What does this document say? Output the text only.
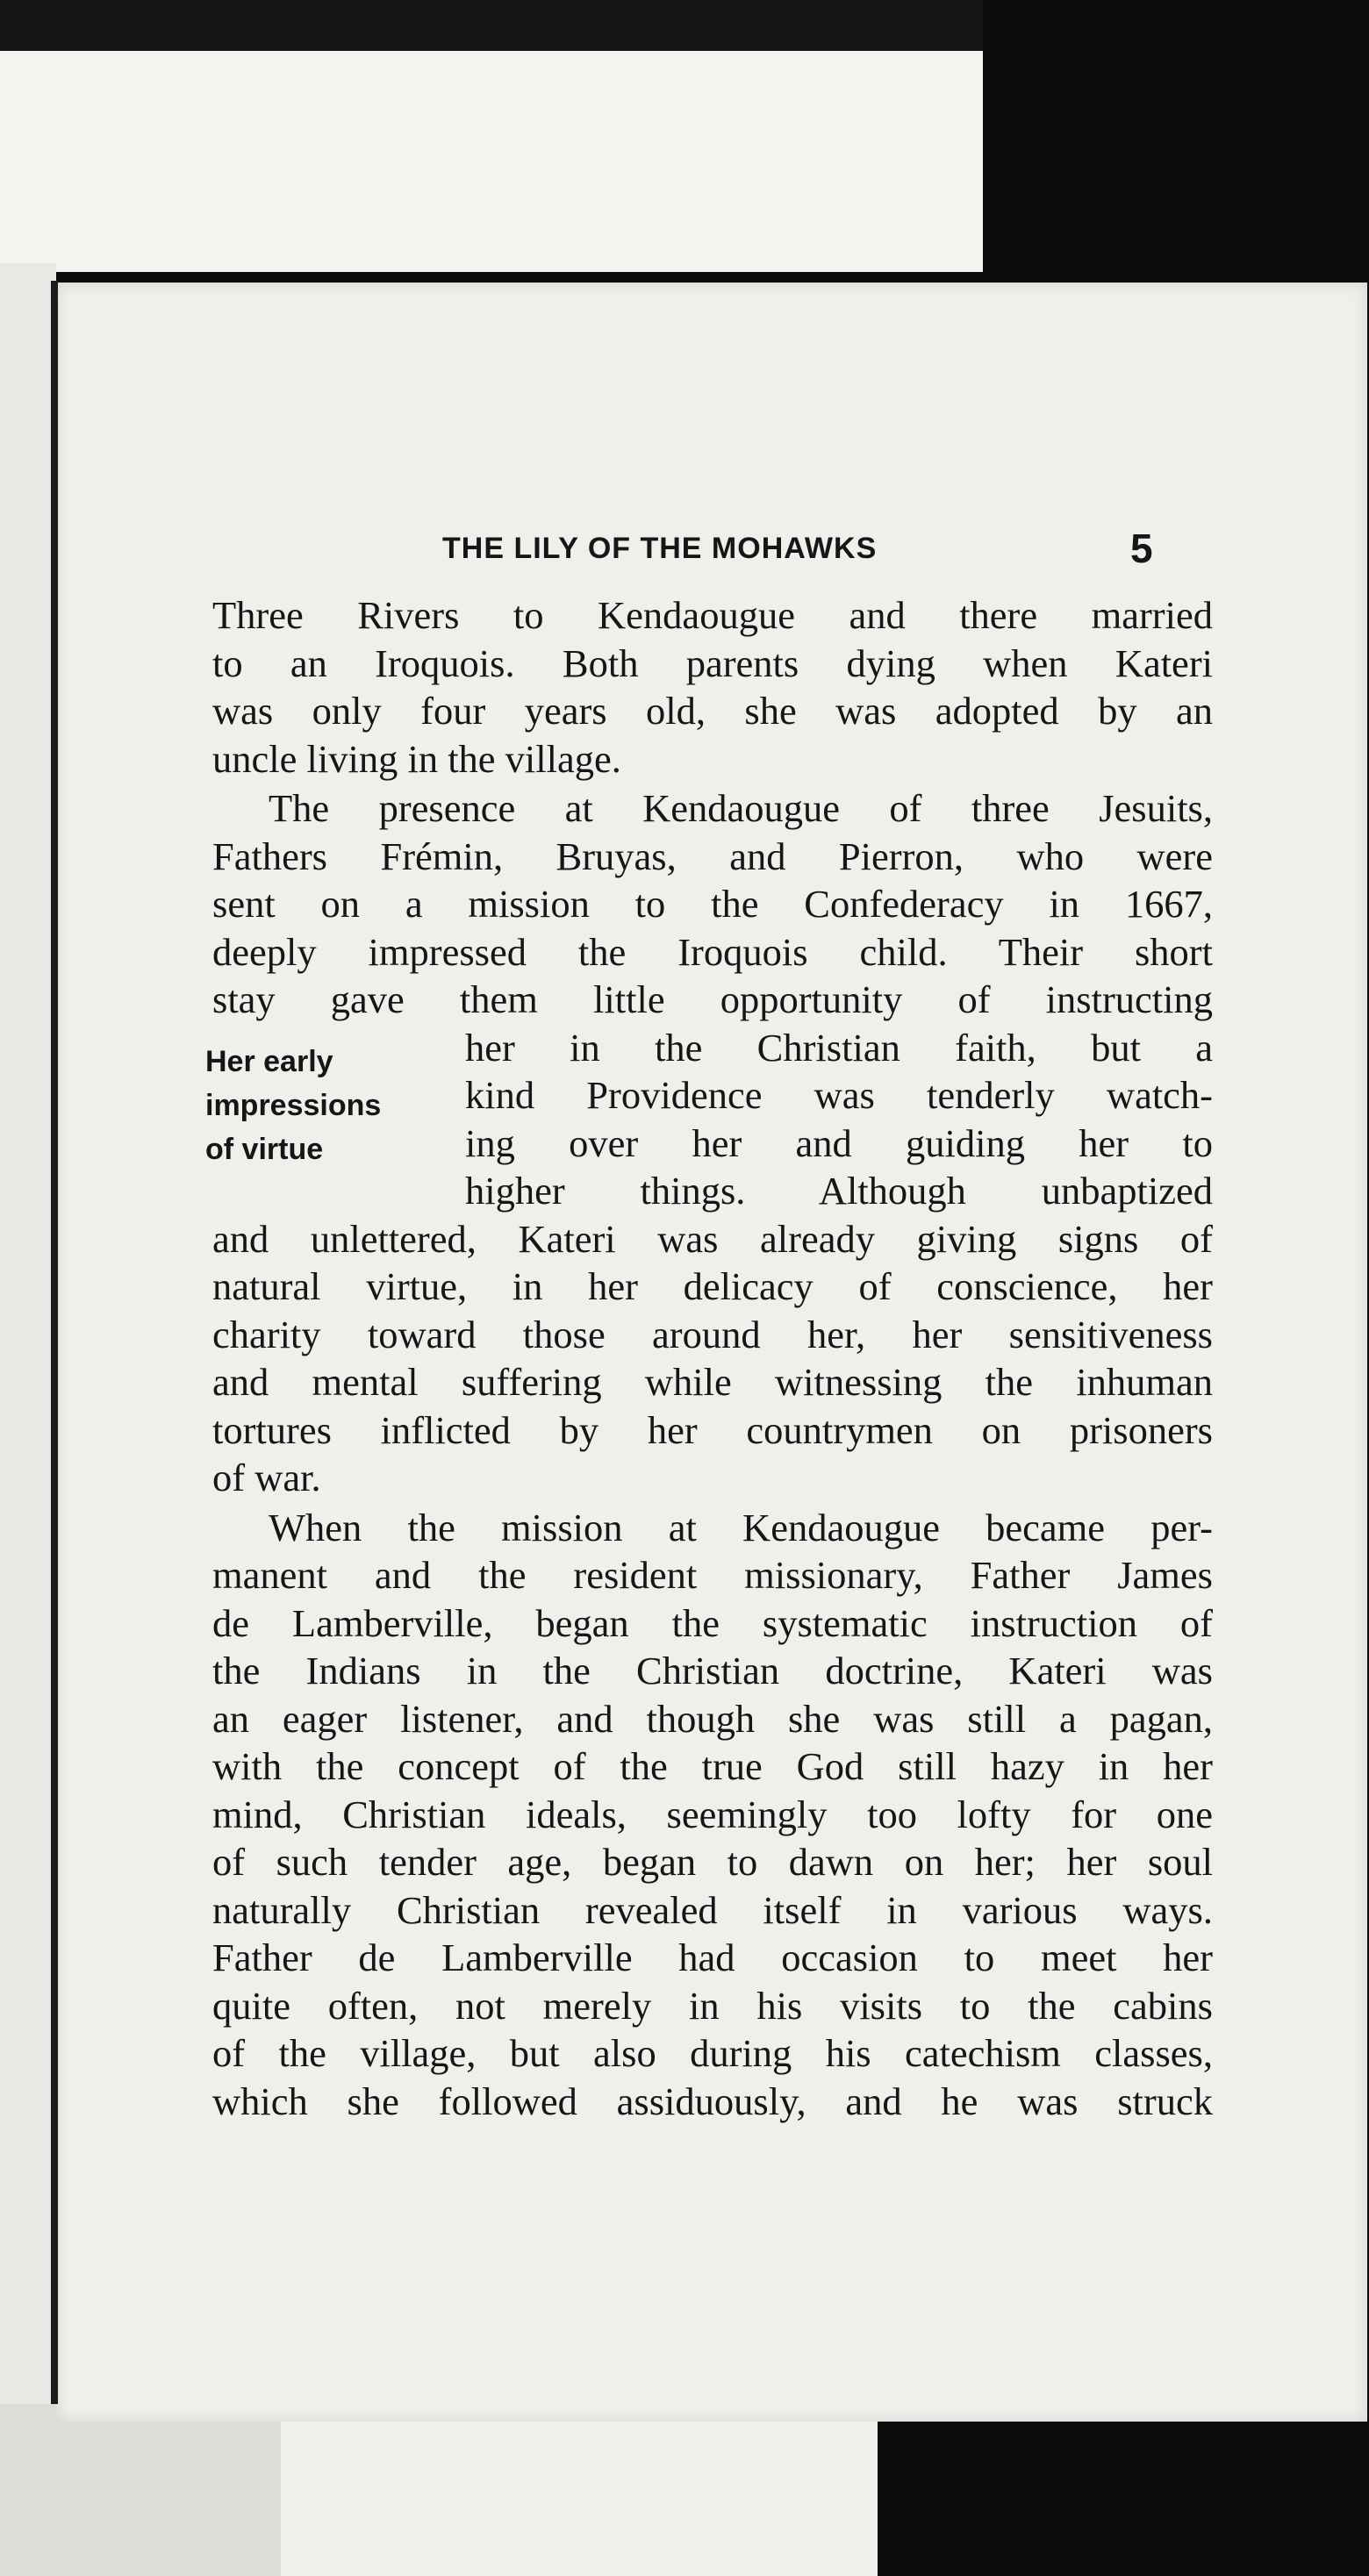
THE LILY OF THE MOHAWKS	5
Three Rivers to Kendaougue and there married
to an Iroquois. Both parents dying when Kateri
was only four years old, she was adopted by an
uncle living in the village.
The presence at Kendaougue of three Jesuits,
Fathers Frémin, Bruyas, and Pierron, who were
sent on a mission to the Confederacy in 1667,
deeply impressed the Iroquois child. Their short
stay gave them little opportunity of instructing
Her early
impressions
of virtue
her in the Christian faith, but a
kind Providence was tenderly watch-
ing over her and guiding her to
higher things. Although unbaptized
and unlettered, Kateri was already giving signs of
natural virtue, in her delicacy of conscience, her
charity toward those around her, her sensitiveness
and mental suffering while witnessing the inhuman
tortures inflicted by her countrymen on prisoners
of war.
When the mission at Kendaougue became per-
manent and the resident missionary, Father James
de Lamberville, began the systematic instruction of
the Indians in the Christian doctrine, Kateri was
an eager listener, and though she was still a pagan,
with the concept of the true God still hazy in her
mind, Christian ideals, seemingly too lofty for one
of such tender age, began to dawn on her; her soul
naturally Christian revealed itself in various ways.
Father de Lamberville had occasion to meet her
quite often, not merely in his visits to the cabins
of the village, but also during his catechism classes,
which she followed assiduously, and he was struck
